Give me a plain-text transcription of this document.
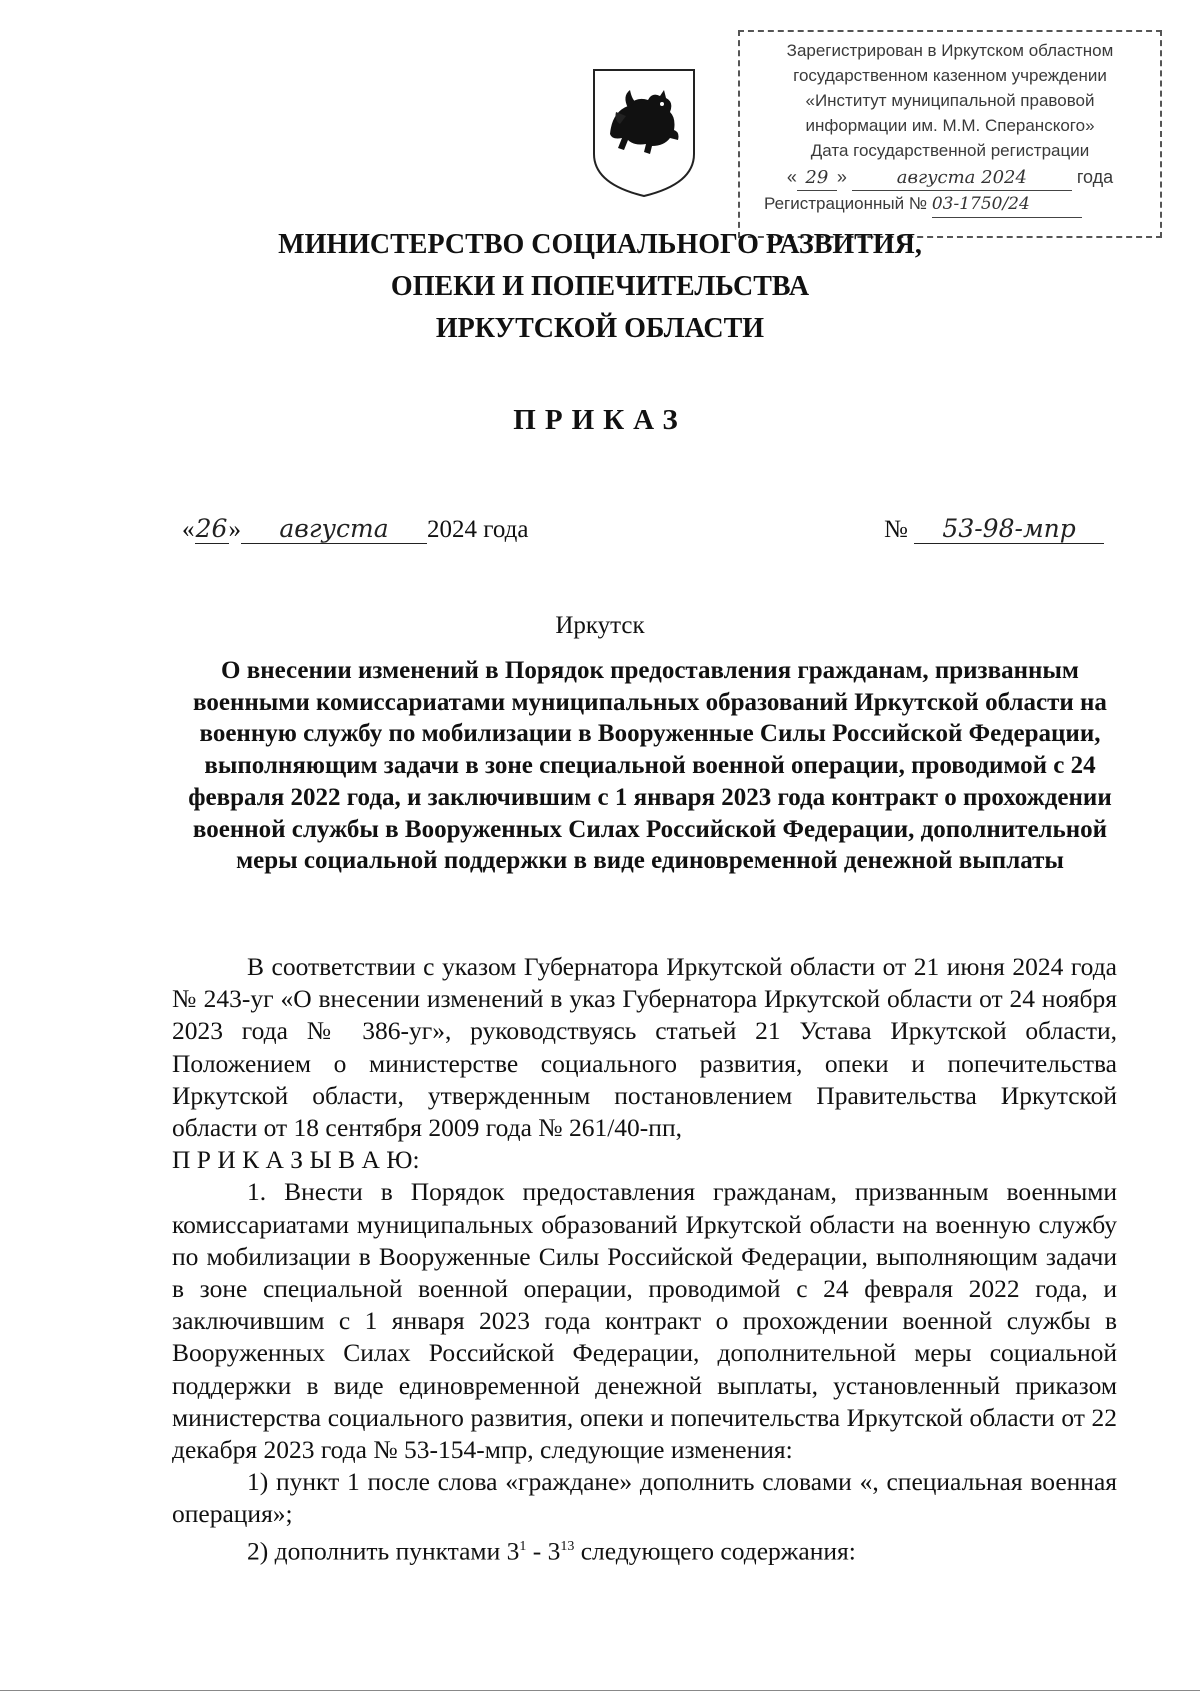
Зарегистрирован в Иркутском областном
государственном казенном учреждении
«Институт муниципальной правовой
информации им. М.М. Сперанского»
Дата государственной регистрации
« 29 »	августа 2024	года
Регистрационный № 03-1750/24
МИНИСТЕРСТВО СОЦИАЛЬНОГО РАЗВИТИЯ,
ОПЕКИ И ПОПЕЧИТЕЛЬСТВА
ИРКУТСКОЙ ОБЛАСТИ
ПРИКАЗ
«26» августа 2024 года	№ 53-98-мпр
Иркутск
О внесении изменений в Порядок предоставления гражданам, призванным военными комиссариатами муниципальных образований Иркутской области на военную службу по мобилизации в Вооруженные Силы Российской Федерации, выполняющим задачи в зоне специальной военной операции, проводимой с 24 февраля 2022 года, и заключившим с 1 января 2023 года контракт о прохождении военной службы в Вооруженных Силах Российской Федерации, дополнительной меры социальной поддержки в виде единовременной денежной выплаты

В соответствии с указом Губернатора Иркутской области от 21 июня 2024 года № 243-уг «О внесении изменений в указ Губернатора Иркутской области от 24 ноября 2023 года № 386-уг», руководствуясь статьей 21 Устава Иркутской области, Положением о министерстве социального развития, опеки и попечительства Иркутской области, утвержденным постановлением Правительства Иркутской области от 18 сентября 2009 года № 261/40-пп,

П Р И К А З Ы В А Ю:

1. Внести в Порядок предоставления гражданам, призванным военными комиссариатами муниципальных образований Иркутской области на военную службу по мобилизации в Вооруженные Силы Российской Федерации, выполняющим задачи в зоне специальной военной операции, проводимой с 24 февраля 2022 года, и заключившим с 1 января 2023 года контракт о прохождении военной службы в Вооруженных Силах Российской Федерации, дополнительной меры социальной поддержки в виде единовременной денежной выплаты, установленный приказом министерства социального развития, опеки и попечительства Иркутской области от 22 декабря 2023 года № 53-154-мпр, следующие изменения:

1) пункт 1 после слова «граждане» дополнить словами «, специальная военная операция»;

2) дополнить пунктами $3^1 - 3^{13}$ следующего содержания:
